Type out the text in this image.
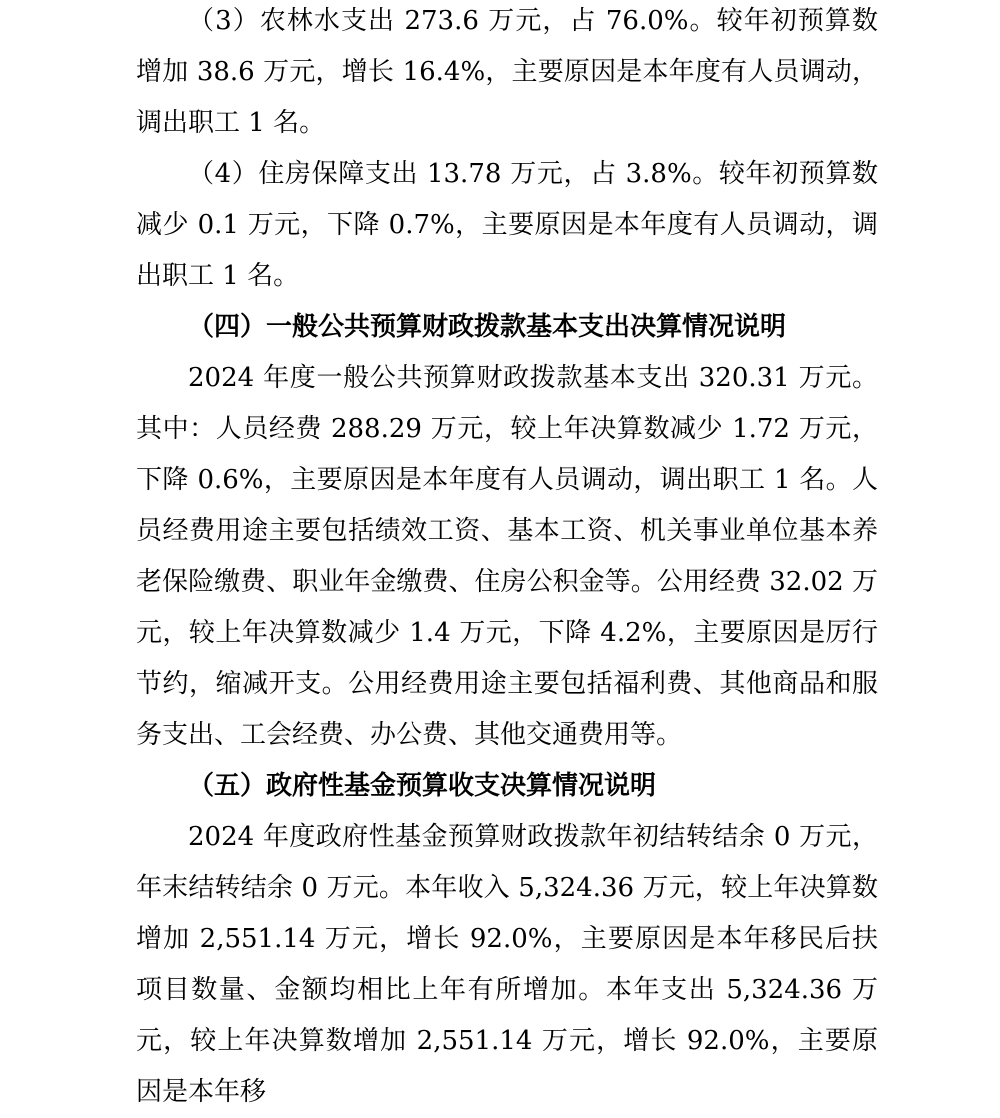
（3）农林水支出 273.6 万元，占 76.0%。较年初预算数增加 38.6 万元，增长 16.4%，主要原因是本年度有人员调动，调出职工 1 名。

（4）住房保障支出 13.78 万元，占 3.8%。较年初预算数减少 0.1 万元，下降 0.7%，主要原因是本年度有人员调动，调出职工 1 名。

（四）一般公共预算财政拨款基本支出决算情况说明

2024 年度一般公共预算财政拨款基本支出 320.31 万元。其中：人员经费 288.29 万元，较上年决算数减少 1.72 万元，下降 0.6%，主要原因是本年度有人员调动，调出职工 1 名。人员经费用途主要包括绩效工资、基本工资、机关事业单位基本养老保险缴费、职业年金缴费、住房公积金等。公用经费 32.02 万元，较上年决算数减少 1.4 万元，下降 4.2%，主要原因是厉行节约，缩减开支。公用经费用途主要包括福利费、其他商品和服务支出、工会经费、办公费、其他交通费用等。

（五）政府性基金预算收支决算情况说明

2024 年度政府性基金预算财政拨款年初结转结余 0 万元，年末结转结余 0 万元。本年收入 5,324.36 万元，较上年决算数增加 2,551.14 万元，增长 92.0%，主要原因是本年移民后扶项目数量、金额均相比上年有所增加。本年支出 5,324.36 万元，较上年决算数增加 2,551.14 万元，增长 92.0%，主要原因是本年移
